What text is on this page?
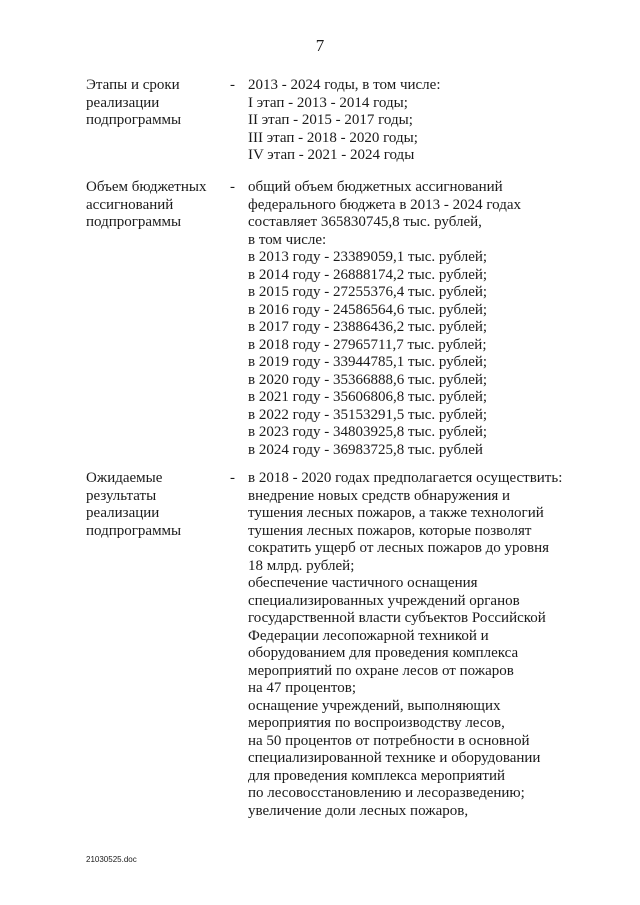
7
Этапы и сроки
реализации
подпрограммы
- 2013 - 2024 годы, в том числе:
I этап - 2013 - 2014 годы;
II этап - 2015 - 2017 годы;
III этап - 2018 - 2020 годы;
IV этап - 2021 - 2024 годы
Объем бюджетных
ассигнований
подпрограммы
- общий объем бюджетных ассигнований
федерального бюджета в 2013 - 2024 годах
составляет 365830745,8 тыс. рублей,
в том числе:
в 2013 году - 23389059,1 тыс. рублей;
в 2014 году - 26888174,2 тыс. рублей;
в 2015 году - 27255376,4 тыс. рублей;
в 2016 году - 24586564,6 тыс. рублей;
в 2017 году - 23886436,2 тыс. рублей;
в 2018 году - 27965711,7 тыс. рублей;
в 2019 году - 33944785,1 тыс. рублей;
в 2020 году - 35366888,6 тыс. рублей;
в 2021 году - 35606806,8 тыс. рублей;
в 2022 году - 35153291,5 тыс. рублей;
в 2023 году - 34803925,8 тыс. рублей;
в 2024 году - 36983725,8 тыс. рублей
Ожидаемые
результаты
реализации
подпрограммы
- в 2018 - 2020 годах предполагается осуществить:
внедрение новых средств обнаружения и
тушения лесных пожаров, а также технологий
тушения лесных пожаров, которые позволят
сократить ущерб от лесных пожаров до уровня
18 млрд. рублей;
обеспечение частичного оснащения
специализированных учреждений органов
государственной власти субъектов Российской
Федерации лесопожарной техникой и
оборудованием для проведения комплекса
мероприятий по охране лесов от пожаров
на 47 процентов;
оснащение учреждений, выполняющих
мероприятия по воспроизводству лесов,
на 50 процентов от потребности в основной
специализированной технике и оборудовании
для проведения комплекса мероприятий
по лесовосстановлению и лесоразведению;
увеличение доли лесных пожаров,
21030525.doc
